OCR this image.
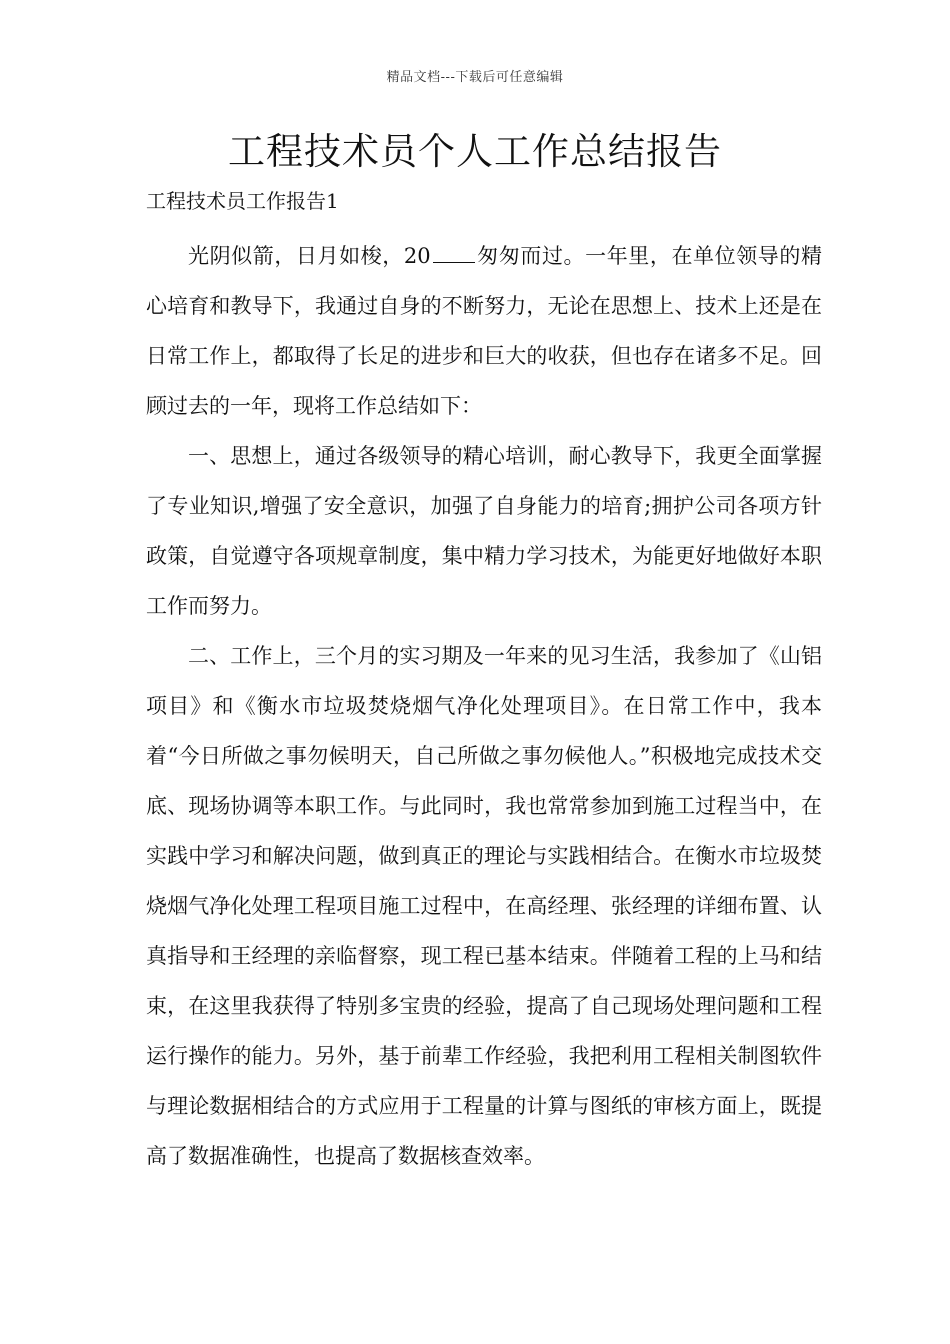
精品文档---下载后可任意编辑
工程技术员个人工作总结报告

工程技术员工作报告1

光阴似箭，日月如梭，20 匆匆而过。一年里，在单位领导的精心培育和教导下，我通过自身的不断努力，无论在思想上、技术上还是在日常工作上，都取得了长足的进步和巨大的收获，但也存在诸多不足。回顾过去的一年，现将工作总结如下：

一、思想上，通过各级领导的精心培训，耐心教导下，我更全面掌握了专业知识,增强了安全意识，加强了自身能力的培育;拥护公司各项方针政策，自觉遵守各项规章制度，集中精力学习技术，为能更好地做好本职工作而努力。

二、工作上，三个月的实习期及一年来的见习生活，我参加了《山铝项目》和《衡水市垃圾焚烧烟气净化处理项目》。在日常工作中，我本着“今日所做之事勿候明天，自己所做之事勿候他人。”积极地完成技术交底、现场协调等本职工作。与此同时，我也常常参加到施工过程当中，在实践中学习和解决问题，做到真正的理论与实践相结合。在衡水市垃圾焚烧烟气净化处理工程项目施工过程中，在高经理、张经理的详细布置、认真指导和王经理的亲临督察，现工程已基本结束。伴随着工程的上马和结束，在这里我获得了特别多宝贵的经验，提高了自己现场处理问题和工程运行操作的能力。另外，基于前辈工作经验，我把利用工程相关制图软件与理论数据相结合的方式应用于工程量的计算与图纸的审核方面上，既提高了数据准确性，也提高了数据核查效率。
